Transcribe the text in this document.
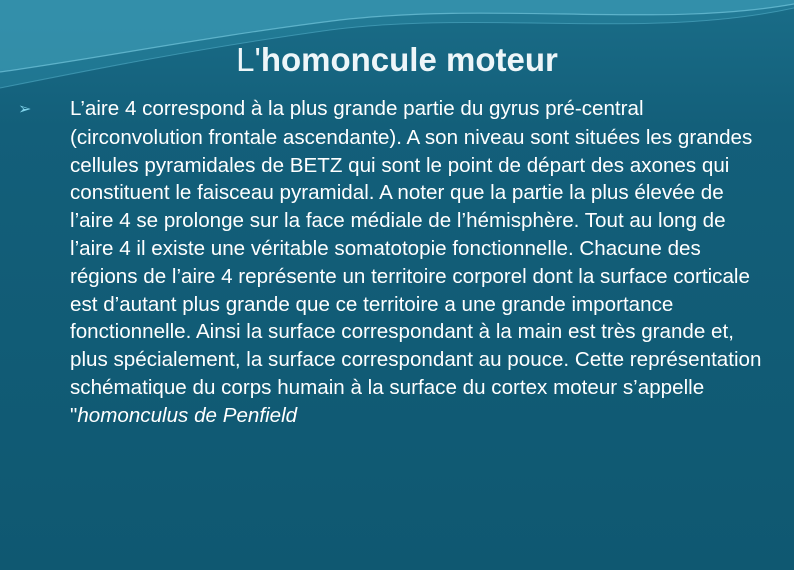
L'homoncule moteur

➢ L’aire 4 correspond à la plus grande partie du gyrus pré-central (circonvolution frontale ascendante). A son niveau sont situées les grandes cellules pyramidales de BETZ qui sont le point de départ des axones qui constituent le faisceau pyramidal. A noter que la partie la plus élevée de l’aire 4 se prolonge sur la face médiale de l’hémisphère. Tout au long de l’aire 4 il existe une véritable somatotopie fonctionnelle. Chacune des régions de l’aire 4 représente un territoire corporel dont la surface corticale est d’autant plus grande que ce territoire a une grande importance fonctionnelle. Ainsi la surface correspondant à la main est très grande et, plus spécialement, la surface correspondant au pouce. Cette représentation schématique du corps humain à la surface du cortex moteur s’appelle "homonculus de Penfield
